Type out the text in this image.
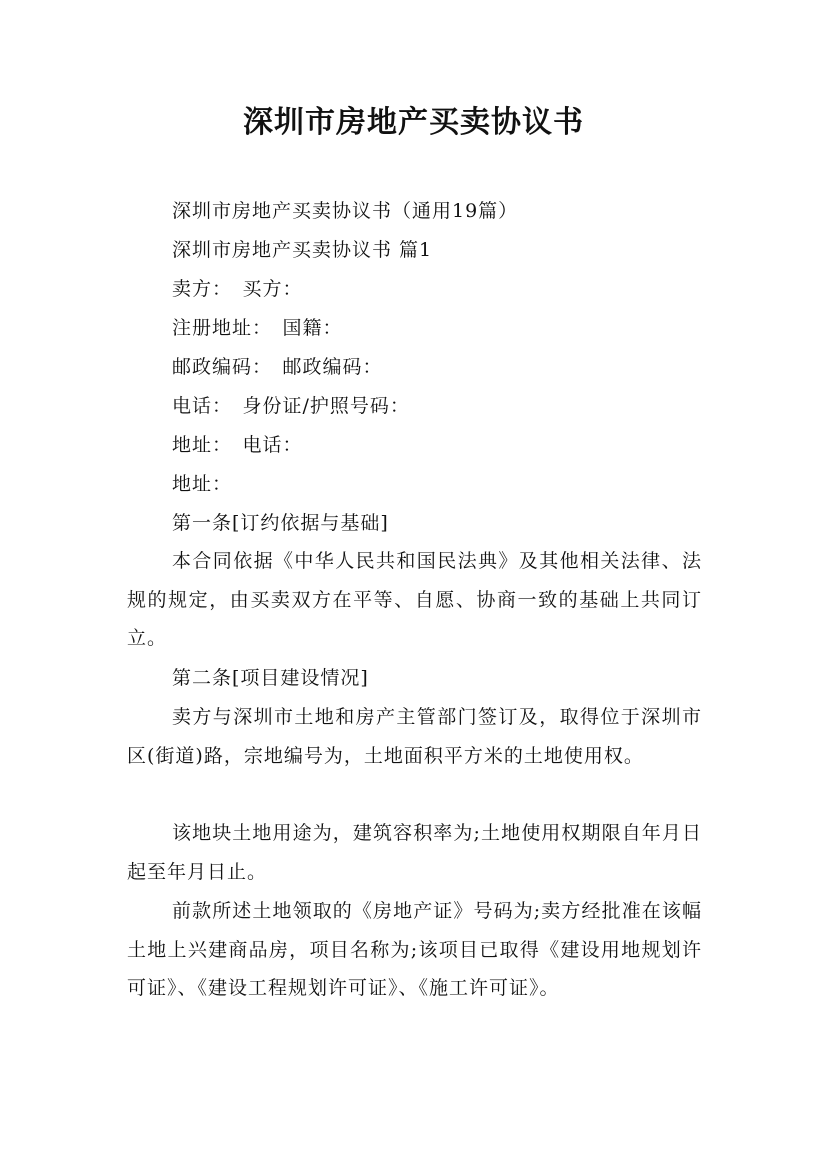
深圳市房地产买卖协议书
深圳市房地产买卖协议书（通用19篇）
深圳市房地产买卖协议书 篇1
卖方：　买方：
注册地址：　国籍：
邮政编码：　邮政编码：
电话：　身份证/护照号码：
地址：　电话：
地址：
第一条[订约依据与基础]
本合同依据《中华人民共和国民法典》及其他相关法律、法规的规定，由买卖双方在平等、自愿、协商一致的基础上共同订立。
第二条[项目建设情况]
卖方与深圳市土地和房产主管部门签订及，取得位于深圳市区(街道)路，宗地编号为，土地面积平方米的土地使用权。
该地块土地用途为，建筑容积率为;土地使用权期限自年月日起至年月日止。
前款所述土地领取的《房地产证》号码为;卖方经批准在该幅土地上兴建商品房，项目名称为;该项目已取得《建设用地规划许可证》、《建设工程规划许可证》、《施工许可证》。
